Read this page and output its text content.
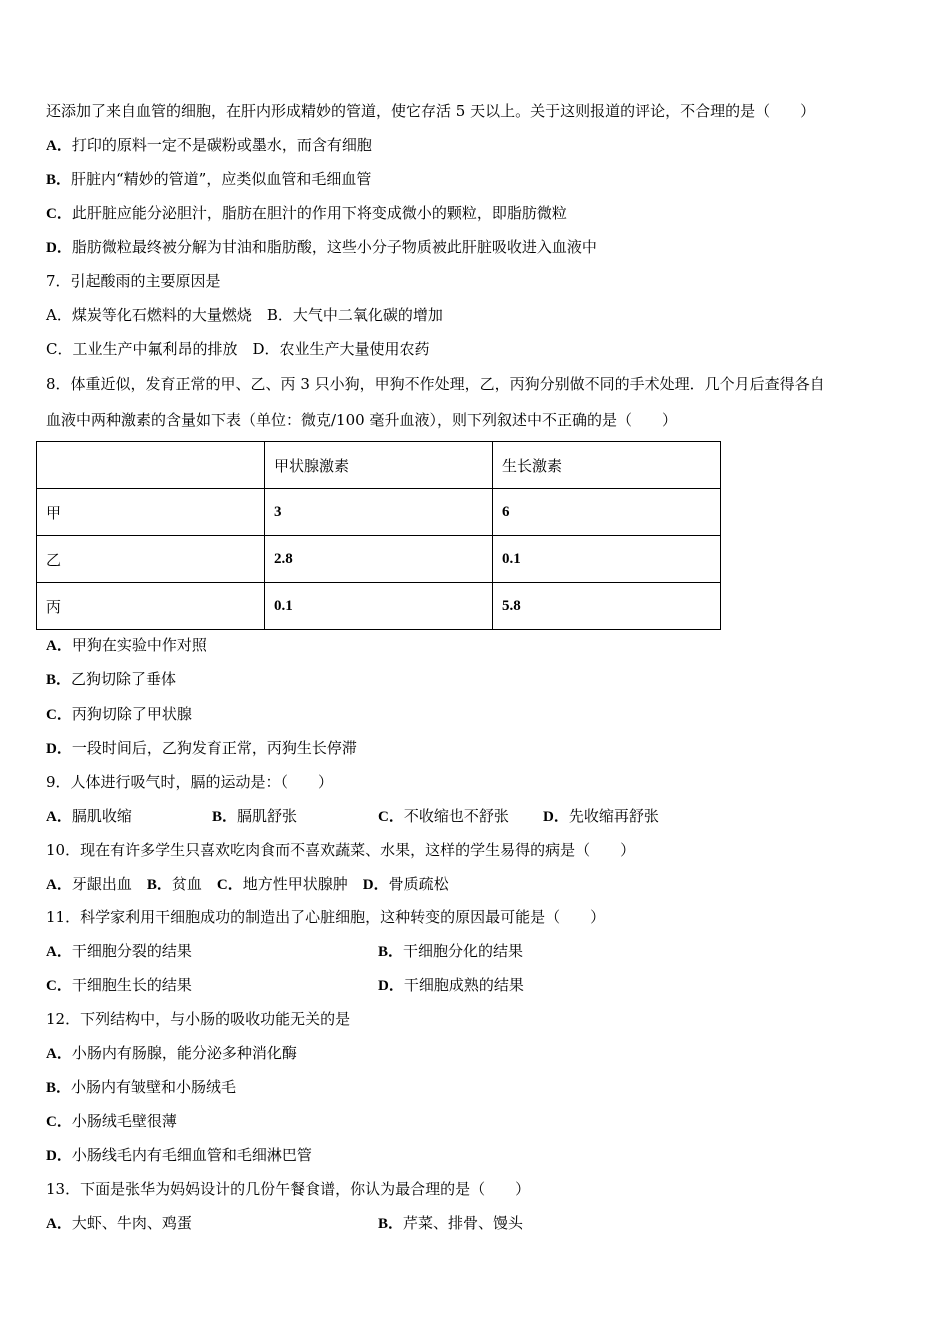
还添加了来自血管的细胞，在肝内形成精妙的管道，使它存活 5 天以上。关于这则报道的评论，不合理的是（　　）
A．打印的原料一定不是碳粉或墨水，而含有细胞
B．肝脏内“精妙的管道”，应类似血管和毛细血管
C．此肝脏应能分泌胆汁，脂肪在胆汁的作用下将变成微小的颗粒，即脂肪微粒
D．脂肪微粒最终被分解为甘油和脂肪酸，这些小分子物质被此肝脏吸收进入血液中
7．引起酸雨的主要原因是
A．煤炭等化石燃料的大量燃烧　B．大气中二氧化碳的增加
C．工业生产中氟利昂的排放　D．农业生产大量使用农药
8．体重近似，发育正常的甲、乙、丙 3 只小狗，甲狗不作处理，乙，丙狗分别做不同的手术处理．几个月后查得各自
血液中两种激素的含量如下表（单位：微克/100 毫升血液），则下列叙述中不正确的是（　　）
	甲状腺激素	生长激素
甲	3	6
乙	2.8	0.1
丙	0.1	5.8
A．甲狗在实验中作对照
B．乙狗切除了垂体
C．丙狗切除了甲状腺
D．一段时间后，乙狗发育正常，丙狗生长停滞
9．人体进行吸气时，膈的运动是：（　　）
A．膈肌收缩	B．膈肌舒张	C．不收缩也不舒张 D．先收缩再舒张
10．现在有许多学生只喜欢吃肉食而不喜欢蔬菜、水果，这样的学生易得的病是（　　）
A．牙龈出血　 B．贫血　 C．地方性甲状腺肿　 D．骨质疏松
11．科学家利用干细胞成功的制造出了心脏细胞，这种转变的原因最可能是（　　）
A．干细胞分裂的结果	B．干细胞分化的结果
C．干细胞生长的结果	D．干细胞成熟的结果
12．下列结构中，与小肠的吸收功能无关的是
A．小肠内有肠腺，能分泌多种消化酶
B．小肠内有皱壁和小肠绒毛
C．小肠绒毛壁很薄
D．小肠线毛内有毛细血管和毛细淋巴管
13．下面是张华为妈妈设计的几份午餐食谱，你认为最合理的是（　　）
A．大虾、牛肉、鸡蛋	B．芹菜、排骨、馒头
